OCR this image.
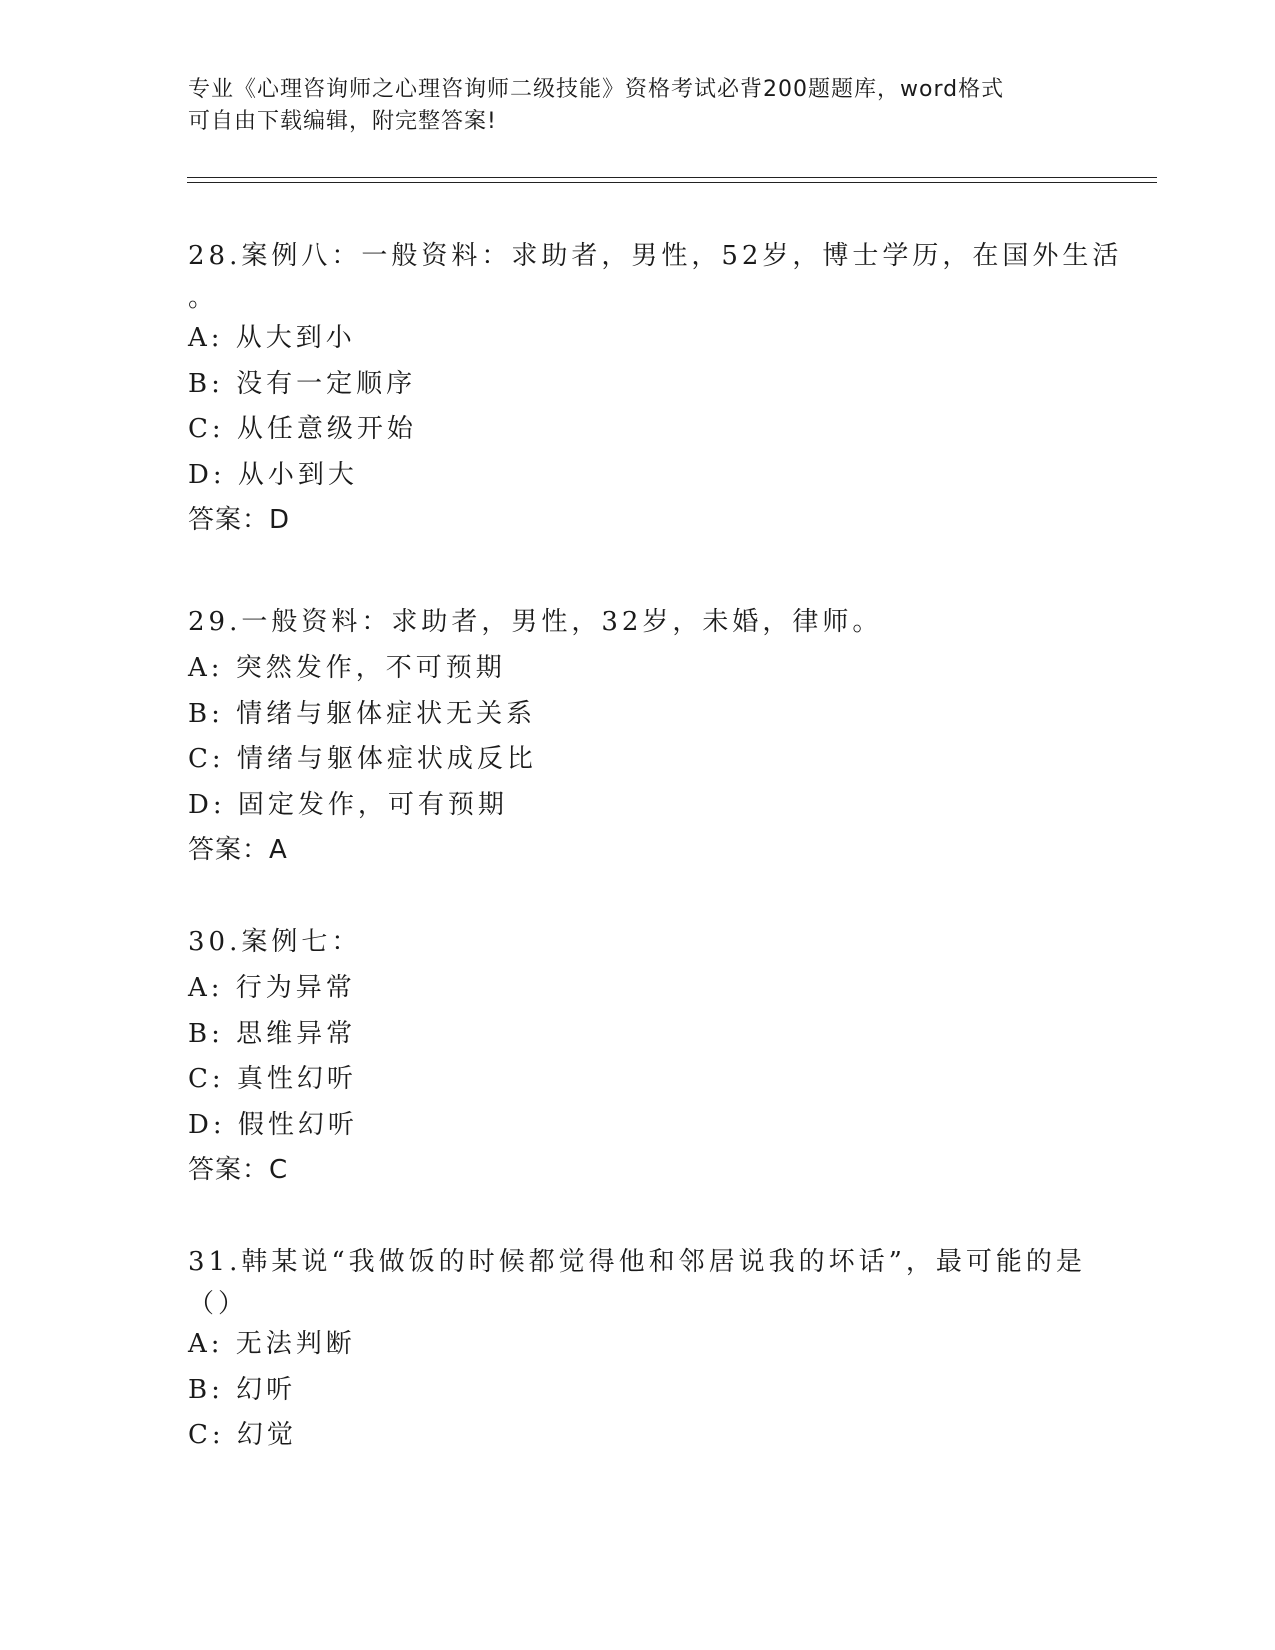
专业《心理咨询师之心理咨询师二级技能》资格考试必背200题题库，word格式
可自由下载编辑，附完整答案!
28.案例八：一般资料：求助者，男性，52岁，博士学历，在国外生活
。
A: 从大到小
B: 没有一定顺序
C: 从任意级开始
D: 从小到大
答案：D
29.一般资料：求助者，男性，32岁，未婚，律师。
A: 突然发作，不可预期
B: 情绪与躯体症状无关系
C: 情绪与躯体症状成反比
D: 固定发作，可有预期
答案：A
30.案例七：
A: 行为异常
B: 思维异常
C: 真性幻听
D: 假性幻听
答案：C
31.韩某说“我做饭的时候都觉得他和邻居说我的坏话”，最可能的是
（）
A: 无法判断
B: 幻听
C: 幻觉
